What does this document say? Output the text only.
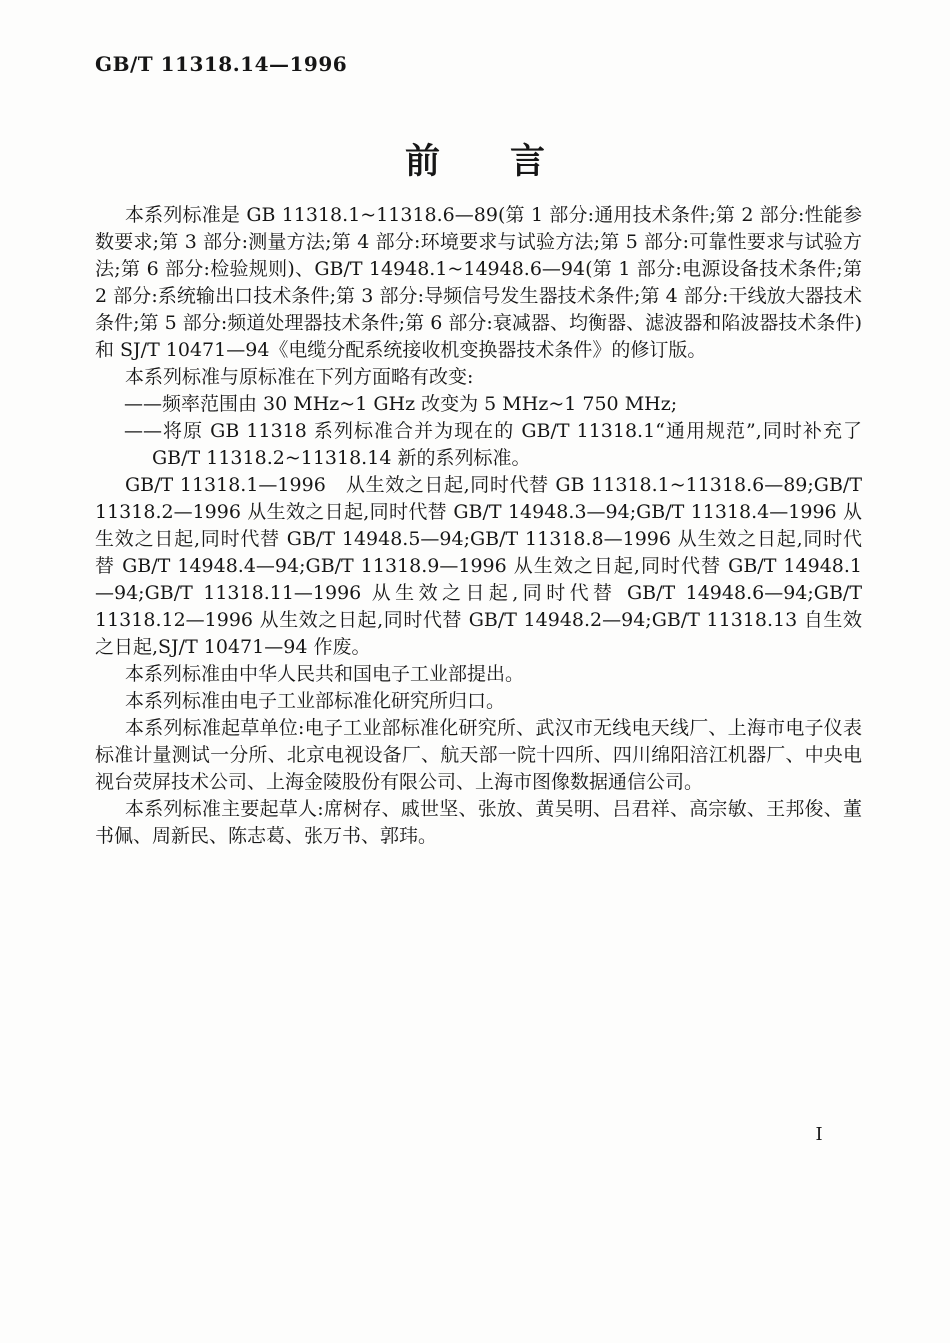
GB/T 11318.14—1996
前　　言

本系列标准是 GB 11318.1~11318.6—89(第 1 部分:通用技术条件;第 2 部分:性能参数要求;第 3 部分:测量方法;第 4 部分:环境要求与试验方法;第 5 部分:可靠性要求与试验方法;第 6 部分:检验规则)、GB/T 14948.1~14948.6—94(第 1 部分:电源设备技术条件;第 2 部分:系统输出口技术条件;第 3 部分:导频信号发生器技术条件;第 4 部分:干线放大器技术条件;第 5 部分:频道处理器技术条件;第 6 部分:衰减器、均衡器、滤波器和陷波器技术条件)和 SJ/T 10471—94《电缆分配系统接收机变换器技术条件》的修订版。

本系列标准与原标准在下列方面略有改变:

——频率范围由 30 MHz~1 GHz 改变为 5 MHz~1 750 MHz;

——将原 GB 11318 系列标准合并为现在的 GB/T 11318.1“通用规范”,同时补充了 GB/T 11318.2~11318.14 新的系列标准。

GB/T 11318.1—1996　从生效之日起,同时代替 GB 11318.1~11318.6—89;GB/T 11318.2—1996 从生效之日起,同时代替 GB/T 14948.3—94;GB/T 11318.4—1996 从生效之日起,同时代替 GB/T 14948.5—94;GB/T 11318.8—1996 从生效之日起,同时代替 GB/T 14948.4—94;GB/T 11318.9—1996 从生效之日起,同时代替 GB/T 14948.1—94;GB/T 11318.11—1996 从生效之日起,同时代替 GB/T 14948.6—94;GB/T 11318.12—1996 从生效之日起,同时代替 GB/T 14948.2—94;GB/T 11318.13 自生效之日起,SJ/T 10471—94 作废。

本系列标准由中华人民共和国电子工业部提出。

本系列标准由电子工业部标准化研究所归口。

本系列标准起草单位:电子工业部标准化研究所、武汉市无线电天线厂、上海市电子仪表标准计量测试一分所、北京电视设备厂、航天部一院十四所、四川绵阳涪江机器厂、中央电视台荧屏技术公司、上海金陵股份有限公司、上海市图像数据通信公司。

本系列标准主要起草人:席树存、戚世坚、张放、黄吴明、吕君祥、高宗敏、王邦俊、董书佩、周新民、陈志葛、张万书、郭玮。

I
